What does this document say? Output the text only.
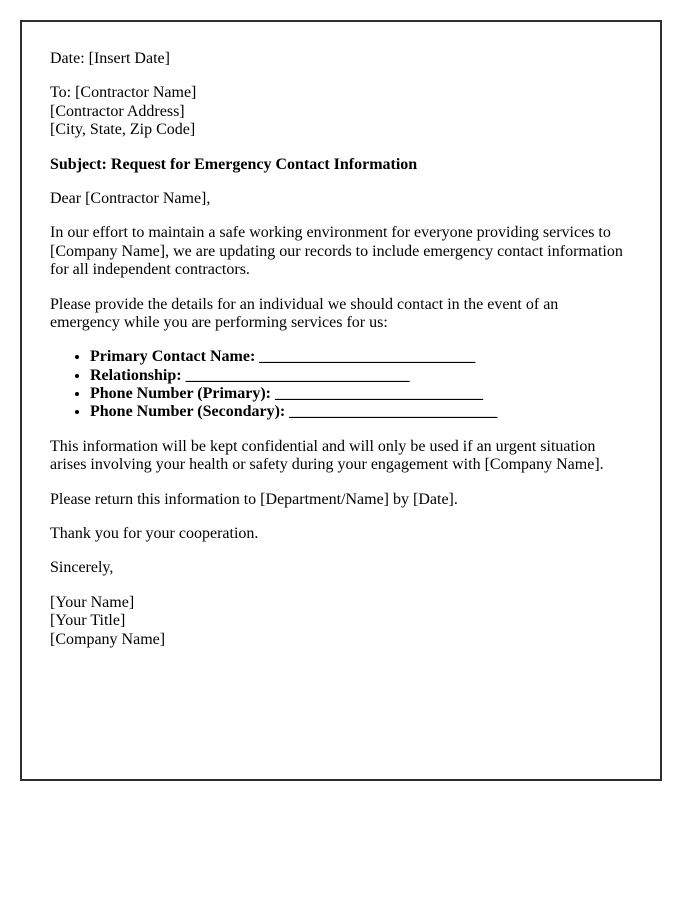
Date: [Insert Date]

To: [Contractor Name]
[Contractor Address]
[City, State, Zip Code]

Subject: Request for Emergency Contact Information

Dear [Contractor Name],

In our effort to maintain a safe working environment for everyone providing services to [Company Name], we are updating our records to include emergency contact information for all independent contractors.

Please provide the details for an individual we should contact in the event of an emergency while you are performing services for us:

• Primary Contact Name: ___________________________
• Relationship: ____________________________
• Phone Number (Primary): __________________________
• Phone Number (Secondary): __________________________

This information will be kept confidential and will only be used if an urgent situation arises involving your health or safety during your engagement with [Company Name].

Please return this information to [Department/Name] by [Date].

Thank you for your cooperation.

Sincerely,

[Your Name]
[Your Title]
[Company Name]
